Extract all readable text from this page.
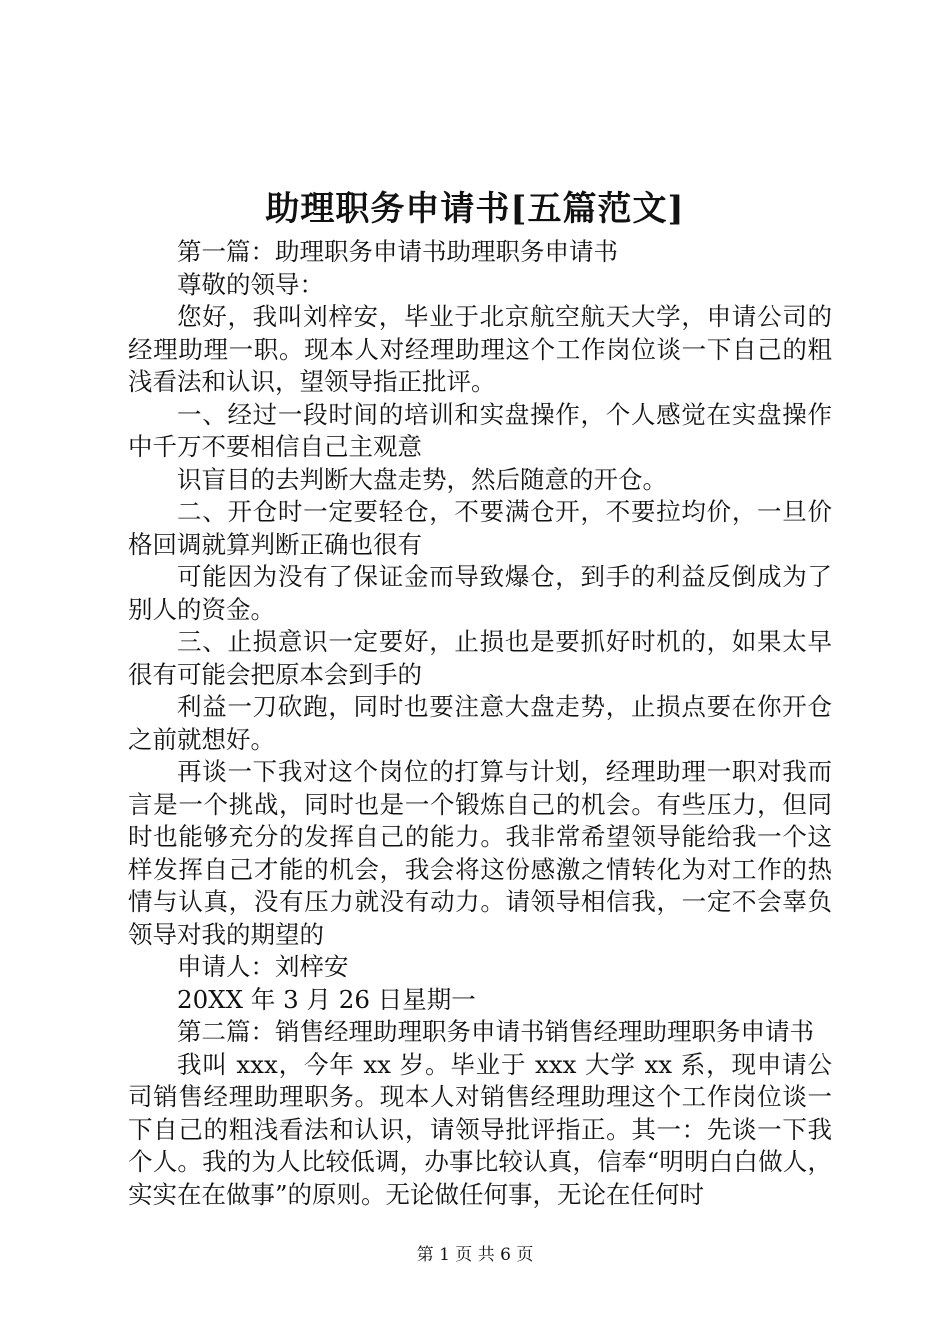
助理职务申请书[五篇范文]

第一篇：助理职务申请书助理职务申请书

尊敬的领导：

您好，我叫刘梓安，毕业于北京航空航天大学，申请公司的经理助理一职。现本人对经理助理这个工作岗位谈一下自己的粗浅看法和认识，望领导指正批评。

一、经过一段时间的培训和实盘操作，个人感觉在实盘操作中千万不要相信自己主观意

识盲目的去判断大盘走势，然后随意的开仓。

二、开仓时一定要轻仓，不要满仓开，不要拉均价，一旦价格回调就算判断正确也很有

可能因为没有了保证金而导致爆仓，到手的利益反倒成为了别人的资金。

三、止损意识一定要好，止损也是要抓好时机的，如果太早很有可能会把原本会到手的

利益一刀砍跑，同时也要注意大盘走势，止损点要在你开仓之前就想好。

再谈一下我对这个岗位的打算与计划，经理助理一职对我而言是一个挑战，同时也是一个锻炼自己的机会。有些压力，但同时也能够充分的发挥自己的能力。我非常希望领导能给我一个这样发挥自己才能的机会，我会将这份感激之情转化为对工作的热情与认真，没有压力就没有动力。请领导相信我，一定不会辜负领导对我的期望的

申请人：刘梓安

20XX 年 3 月 26 日星期一

第二篇：销售经理助理职务申请书销售经理助理职务申请书

我叫 xxx，今年 xx 岁。毕业于 xxx 大学 xx 系，现申请公司销售经理助理职务。现本人对销售经理助理这个工作岗位谈一下自己的粗浅看法和认识，请领导批评指正。其一：先谈一下我个人。我的为人比较低调，办事比较认真，信奉“明明白白做人，实实在在做事”的原则。无论做任何事，无论在任何时

第 1 页 共 6 页
